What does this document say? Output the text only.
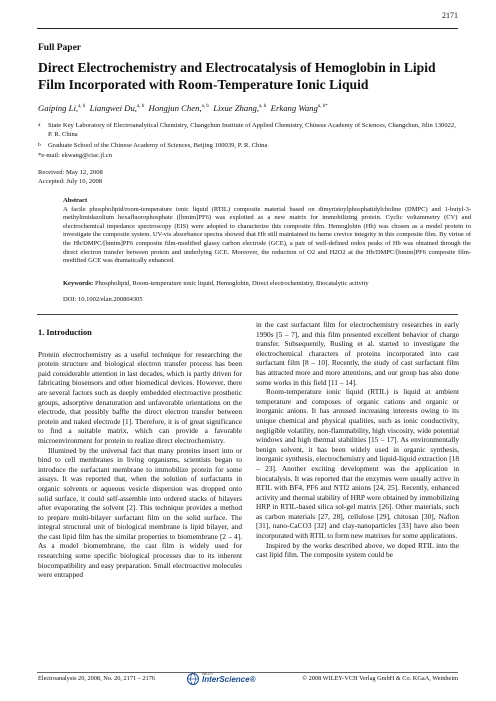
2171
Full Paper
Direct Electrochemistry and Electrocatalysis of Hemoglobin in Lipid Film Incorporated with Room-Temperature Ionic Liquid
Gaiping Li,$^{a, b}$ Liangwei Du,$^{a, b}$ Hongjun Chen,$^{a, b}$ Lixue Zhang,$^{a, b}$ Erkang Wang$^{a, b*}$
a State Key Laboratory of Electroanalytical Chemistry, Changchun Institute of Applied Chemistry, Chinese Academy of Sciences, Changchun, Jilin 130022, P. R. China
b Graduate School of the Chinese Academy of Sciences, Beijing 100039, P. R. China
*e-mail: ekwang@ciac.jl.cn
Received: May 12, 2008
Accepted: July 10, 2008
Abstract
A facile phospholipid/room-temperature ionic liquid (RTIL) composite material based on dimyristoylphosphatidylcholine (DMPC) and 1-butyl-3-methylimidazolium hexafluorophosphate ([bmim]PF6) was exploited as a new matrix for immobilizing protein. Cyclic voltammetry (CV) and electrochemical impedance spectroscopy (EIS) were adopted to characterize this composite film. Hemoglobin (Hb) was chosen as a model protein to investigate the composite system. UV-vis absorbance spectra showed that Hb still maintained its heme crevice integrity in this composite film. By virtue of the Hb/DMPC/[bmim]PF6 composite film-modified glassy carbon electrode (GCE), a pair of well-defined redox peaks of Hb was obtained through the direct electron transfer between protein and underlying GCE. Moreover, the reduction of O2 and H2O2 at the Hb/DMPC/[bmim]PF6 composite film-modified GCE was dramatically enhanced.
Keywords: Phospholipid, Room-temperature ionic liquid, Hemoglobin, Direct electrochemistry, Biocatalytic activity
DOI: 10.1002/elan.200804305
1. Introduction

Protein electrochemistry as a useful technique for researching the protein structure and biological electron transfer process has been paid considerable attention in last decades, which is partly driven for fabricating biosensors and other biomedical devices. However, there are several factors such as deeply embedded electroactive prosthetic groups, adsorptive denaturation and unfavorable orientations on the electrode, that possibly baffle the direct electron transfer between protein and naked electrode [1]. Therefore, it is of great significance to find a suitable matrix, which can provide a favorable microenvironment for protein to realize direct electrochemistry.

Illumined by the universal fact that many proteins insert into or bind to cell membranes in living organisms, scientists began to introduce the surfactant membrane to immobilize protein for some assays. It was reported that, when the solution of surfactants in organic solvents or aqueous vesicle dispersion was dropped onto solid surface, it could self-assemble into ordered stacks of bilayers after evaporating the solvent [2]. This technique provides a method to prepare multi-bilayer surfactant film on the solid surface. The integral structural unit of biological membrane is lipid bilayer, and the cast lipid film has the similar properties to biomembrane [2 – 4]. As a model biomembrane, the cast film is widely used for researching some specific biological processes due to its inherent biocompatibility and easy preparation. Small electroactive molecules were entrapped

in the cast surfactant film for electrochemistry researches in early 1990s [5 – 7], and this film presented excellent behavior of charge transfer. Subsequently, Rusling et al. started to investigate the electrochemical characters of proteins incorporated into cast surfactant film [8 – 10]. Recently, the study of cast surfactant film has attracted more and more attentions, and our group has also done some works in this field [11 – 14].

Room-temperature ionic liquid (RTIL) is liquid at ambient temperature and composes of organic cations and organic or inorganic anions. It has aroused increasing interests owing to its unique chemical and physical qualities, such as ionic conductivity, negligible volatility, non-flammability, high viscosity, wide potential windows and high thermal stabilities [15 – 17]. As environmentally benign solvent, it has been widely used in organic synthesis, inorganic synthesis, electrochemistry and liquid-liquid extraction [18 – 23]. Another exciting development was the application in biocatalysis. It was reported that the enzymes were usually active in RTIL with BF4, PF6 and NTf2 anions [24, 25]. Recently, enhanced activity and thermal stability of HRP were obtained by immobilizing HRP in RTIL-based silica sol-gel matrix [26]. Other materials, such as carbon materials [27, 28], cellulose [29], chitosan [30], Nafion [31], nano-CaCO3 [32] and clay-nanoparticles [33] have also been incorporated with RTIL to form new matrixes for some applications.

Inspired by the works described above, we doped RTIL into the cast lipid film. The composite system could be

Electroanalysis 20, 2008, No. 20, 2171 – 2176
WILEY
InterScience®	© 2008 WILEY-VCH Verlag GmbH & Co. KGaA, Weinheim
